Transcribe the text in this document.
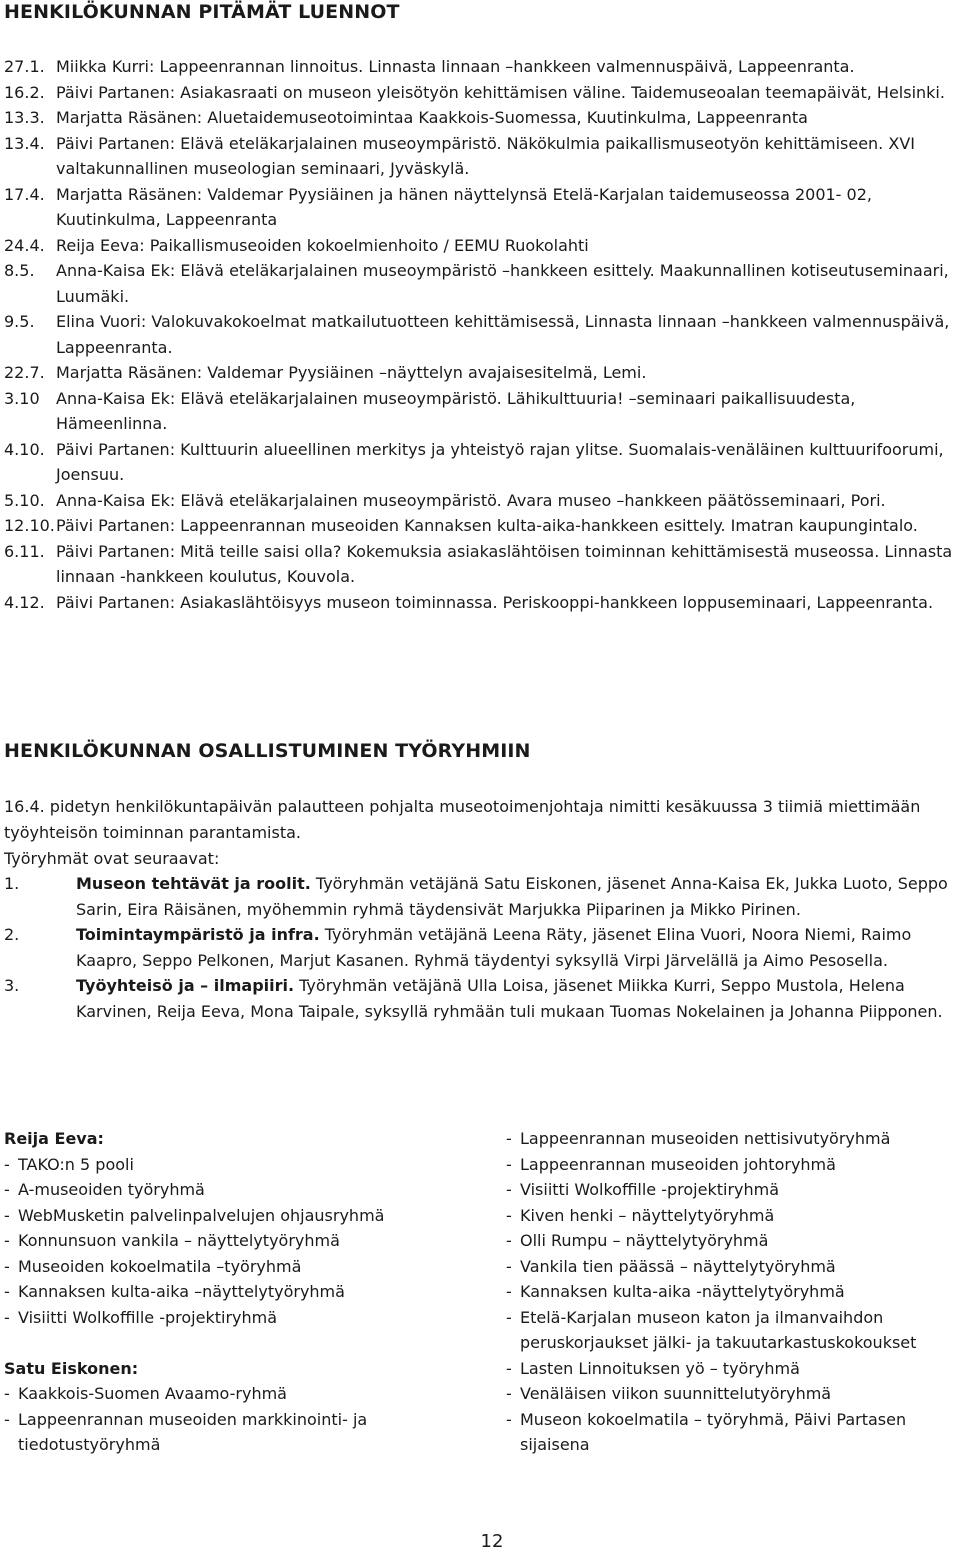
HENKILÖKUNNAN PITÄMÄT LUENNOT
27.1. Miikka Kurri: Lappeenrannan linnoitus. Linnasta linnaan –hankkeen valmennuspäivä, Lappeenranta.
16.2. Päivi Partanen: Asiakasraati on museon yleisötyön kehittämisen väline. Taidemuseoalan teemapäivät, Helsinki.
13.3. Marjatta Räsänen: Aluetaidemuseotoimintaa Kaakkois-Suomessa, Kuutinkulma, Lappeenranta
13.4. Päivi Partanen: Elävä eteläkarjalainen museoympäristö. Näkökulmia paikallismuseotyön kehittämiseen. XVI valtakunnallinen museologian seminaari, Jyväskylä.
17.4. Marjatta Räsänen: Valdemar Pyysiäinen ja hänen näyttelynsä Etelä-Karjalan taidemuseossa 2001- 02, Kuutinkulma, Lappeenranta
24.4. Reija Eeva: Paikallismuseoiden kokoelmienhoito / EEMU Ruokolahti
8.5.	Anna-Kaisa Ek: Elävä eteläkarjalainen museoympäristö –hankkeen esittely. Maakunnallinen kotiseutuseminaari, Luumäki.
9.5.	Elina Vuori: Valokuvakokoelmat matkailutuotteen kehittämisessä, Linnasta linnaan –hankkeen valmennuspäivä, Lappeenranta.
22.7. Marjatta Räsänen: Valdemar Pyysiäinen –näyttelyn avajaisesitelmä, Lemi.
3.10	Anna-Kaisa Ek: Elävä eteläkarjalainen museoympäristö. Lähikulttuuria! –seminaari paikallisuudesta, Hämeenlinna.
4.10. Päivi Partanen: Kulttuurin alueellinen merkitys ja yhteistyö rajan ylitse. Suomalais-venäläinen kulttuurifoorumi, Joensuu.
5.10. Anna-Kaisa Ek: Elävä eteläkarjalainen museoympäristö. Avara museo –hankkeen päätösseminaari, Pori.
12.10. Päivi Partanen: Lappeenrannan museoiden Kannaksen kulta-aika-hankkeen esittely. Imatran kaupungintalo.
6.11. Päivi Partanen: Mitä teille saisi olla? Kokemuksia asiakaslähtöisen toiminnan kehittämisestä museossa. Linnasta linnaan -hankkeen koulutus, Kouvola.
4.12. Päivi Partanen: Asiakaslähtöisyys museon toiminnassa. Periskooppi-hankkeen loppuseminaari, Lappeenranta.
HENKILÖKUNNAN OSALLISTUMINEN TYÖRYHMIIN
16.4. pidetyn henkilökuntapäivän palautteen pohjalta museotoimenjohtaja nimitti kesäkuussa 3 tiimiä miettimään työyhteisön toiminnan parantamista.
Työryhmät ovat seuraavat:
1.	Museon tehtävät ja roolit. Työryhmän vetäjänä Satu Eiskonen, jäsenet Anna-Kaisa Ek, Jukka Luoto, Seppo Sarin, Eira Räisänen, myöhemmin ryhmä täydensivät Marjukka Piiparinen ja Mikko Pirinen.
2.	Toimintaympäristö ja infra. Työryhmän vetäjänä Leena Räty, jäsenet Elina Vuori, Noora Niemi, Raimo Kaapro, Seppo Pelkonen, Marjut Kasanen. Ryhmä täydentyi syksyllä Virpi Järvelällä ja Aimo Pesosella.
3.	Työyhteisö ja – ilmapiiri. Työryhmän vetäjänä Ulla Loisa, jäsenet Miikka Kurri, Seppo Mustola, Helena Karvinen, Reija Eeva, Mona Taipale, syksyllä ryhmään tuli mukaan Tuomas Nokelainen ja Johanna Piipponen.
Reija Eeva:
- TAKO:n 5 pooli
- A-museoiden työryhmä
- WebMusketin palvelinpalvelujen ohjausryhmä
- Konnunsuon vankila – näyttelytyöryhmä
- Museoiden kokoelmatila –työryhmä
- Kannaksen kulta-aika –näyttelytyöryhmä
- Visiitti Wolkoffille -projektiryhmä
Satu Eiskonen:
- Kaakkois-Suomen Avaamo-ryhmä
- Lappeenrannan museoiden markkinointi- ja tiedotustyöryhmä
- Lappeenrannan museoiden nettisivutyöryhmä
- Lappeenrannan museoiden johtoryhmä
- Visiitti Wolkoffille -projektiryhmä
- Kiven henki – näyttelytyöryhmä
- Olli Rumpu – näyttelytyöryhmä
- Vankila tien päässä – näyttelytyöryhmä
- Kannaksen kulta-aika -näyttelytyöryhmä
- Etelä-Karjalan museon katon ja ilmanvaihdon peruskorjaukset jälki- ja takuutarkastuskokoukset
- Lasten Linnoituksen yö – työryhmä
- Venäläisen viikon suunnittelutyöryhmä
- Museon kokoelmatila – työryhmä, Päivi Partasen sijaisena
12
